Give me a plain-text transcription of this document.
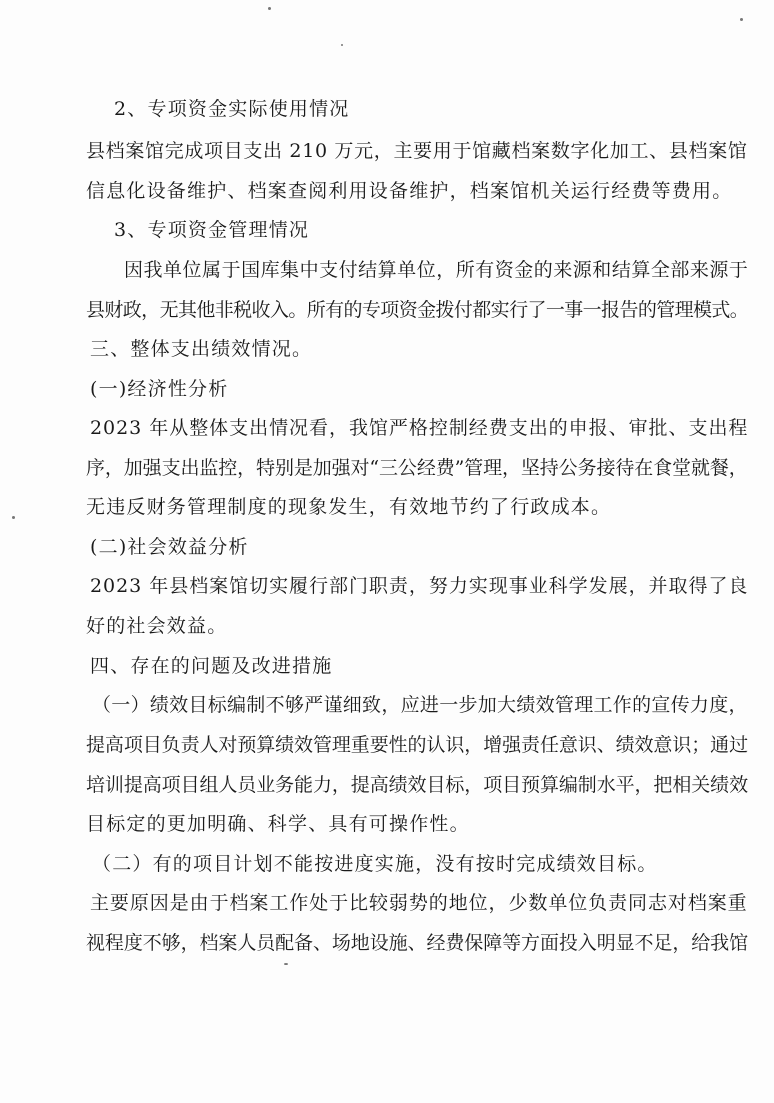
2、专项资金实际使用情况
县档案馆完成项目支出 210 万元，主要用于馆藏档案数字化加工、县档案馆
信息化设备维护、档案查阅利用设备维护，档案馆机关运行经费等费用。
3、专项资金管理情况
因我单位属于国库集中支付结算单位，所有资金的来源和结算全部来源于
县财政，无其他非税收入。所有的专项资金拨付都实行了一事一报告的管理模式。
三、整体支出绩效情况。
(一)经济性分析
2023 年从整体支出情况看，我馆严格控制经费支出的申报、审批、支出程
序，加强支出监控，特别是加强对“三公经费”管理，坚持公务接待在食堂就餐，
无违反财务管理制度的现象发生，有效地节约了行政成本。
(二)社会效益分析
2023 年县档案馆切实履行部门职责，努力实现事业科学发展，并取得了良
好的社会效益。
四、存在的问题及改进措施
（一）绩效目标编制不够严谨细致，应进一步加大绩效管理工作的宣传力度，
提高项目负责人对预算绩效管理重要性的认识，增强责任意识、绩效意识；通过
培训提高项目组人员业务能力，提高绩效目标，项目预算编制水平，把相关绩效
目标定的更加明确、科学、具有可操作性。
（二）有的项目计划不能按进度实施，没有按时完成绩效目标。
主要原因是由于档案工作处于比较弱势的地位，少数单位负责同志对档案重
视程度不够，档案人员配备、场地设施、经费保障等方面投入明显不足，给我馆
